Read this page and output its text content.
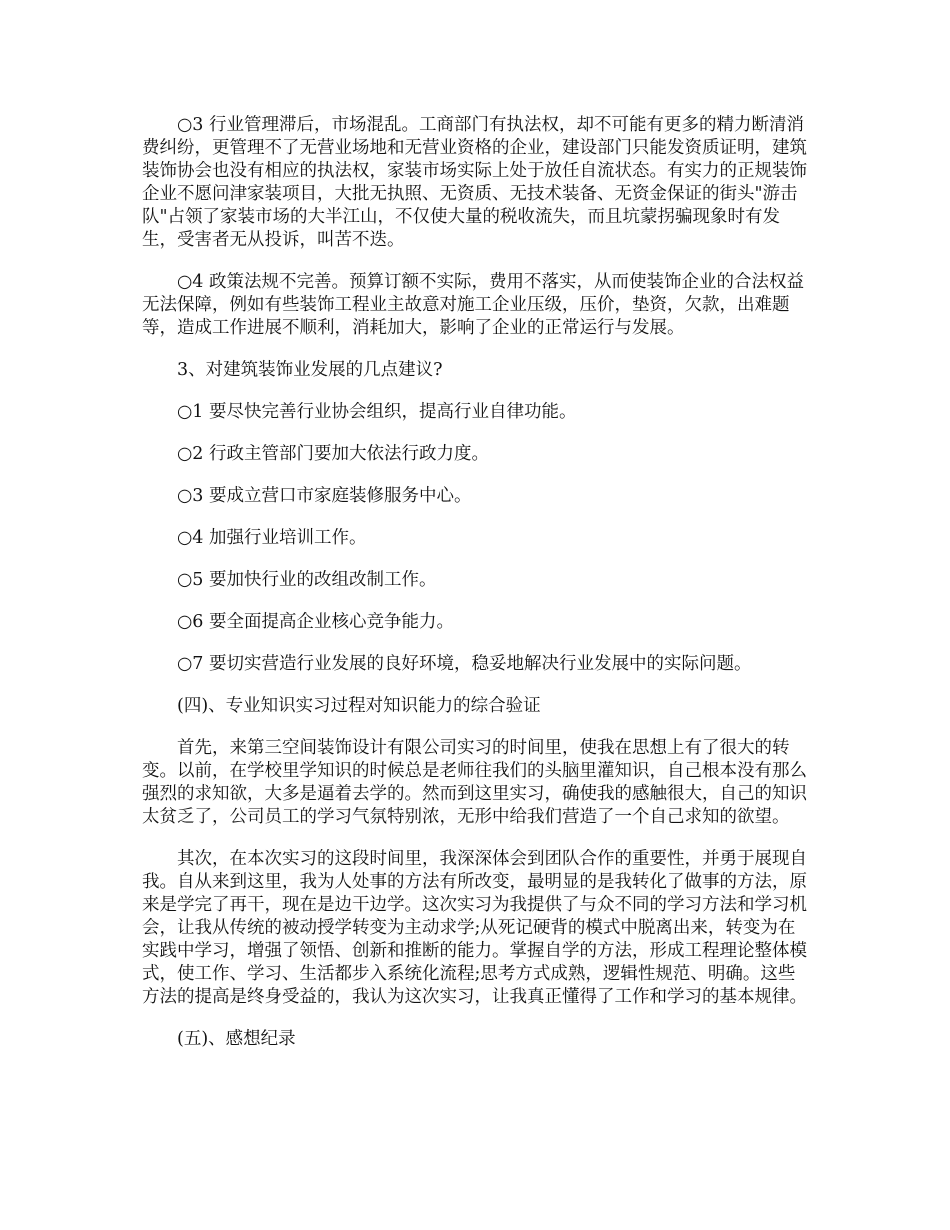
○3 行业管理滞后，市场混乱。工商部门有执法权，却不可能有更多的精力断清消费纠纷，更管理不了无营业场地和无营业资格的企业，建设部门只能发资质证明，建筑装饰协会也没有相应的执法权，家装市场实际上处于放任自流状态。有实力的正规装饰企业不愿问津家装项目，大批无执照、无资质、无技术装备、无资金保证的街头"游击队"占领了家装市场的大半江山，不仅使大量的税收流失，而且坑蒙拐骗现象时有发生，受害者无从投诉，叫苦不迭。

○4 政策法规不完善。预算订额不实际，费用不落实，从而使装饰企业的合法权益无法保障，例如有些装饰工程业主故意对施工企业压级，压价，垫资，欠款，出难题等，造成工作进展不顺利，消耗加大，影响了企业的正常运行与发展。

3、对建筑装饰业发展的几点建议?

○1 要尽快完善行业协会组织，提高行业自律功能。

○2 行政主管部门要加大依法行政力度。

○3 要成立营口市家庭装修服务中心。

○4 加强行业培训工作。

○5 要加快行业的改组改制工作。

○6 要全面提高企业核心竞争能力。

○7 要切实营造行业发展的良好环境，稳妥地解决行业发展中的实际问题。

(四)、专业知识实习过程对知识能力的综合验证

首先，来第三空间装饰设计有限公司实习的时间里，使我在思想上有了很大的转变。以前，在学校里学知识的时候总是老师往我们的头脑里灌知识，自己根本没有那么强烈的求知欲，大多是逼着去学的。然而到这里实习，确使我的感触很大，自己的知识太贫乏了，公司员工的学习气氛特别浓，无形中给我们营造了一个自己求知的欲望。

其次，在本次实习的这段时间里，我深深体会到团队合作的重要性，并勇于展现自我。自从来到这里，我为人处事的方法有所改变，最明显的是我转化了做事的方法，原来是学完了再干，现在是边干边学。这次实习为我提供了与众不同的学习方法和学习机会，让我从传统的被动授学转变为主动求学;从死记硬背的模式中脱离出来，转变为在实践中学习，增强了领悟、创新和推断的能力。掌握自学的方法，形成工程理论整体模式，使工作、学习、生活都步入系统化流程;思考方式成熟，逻辑性规范、明确。这些方法的提高是终身受益的，我认为这次实习，让我真正懂得了工作和学习的基本规律。

(五)、感想纪录
